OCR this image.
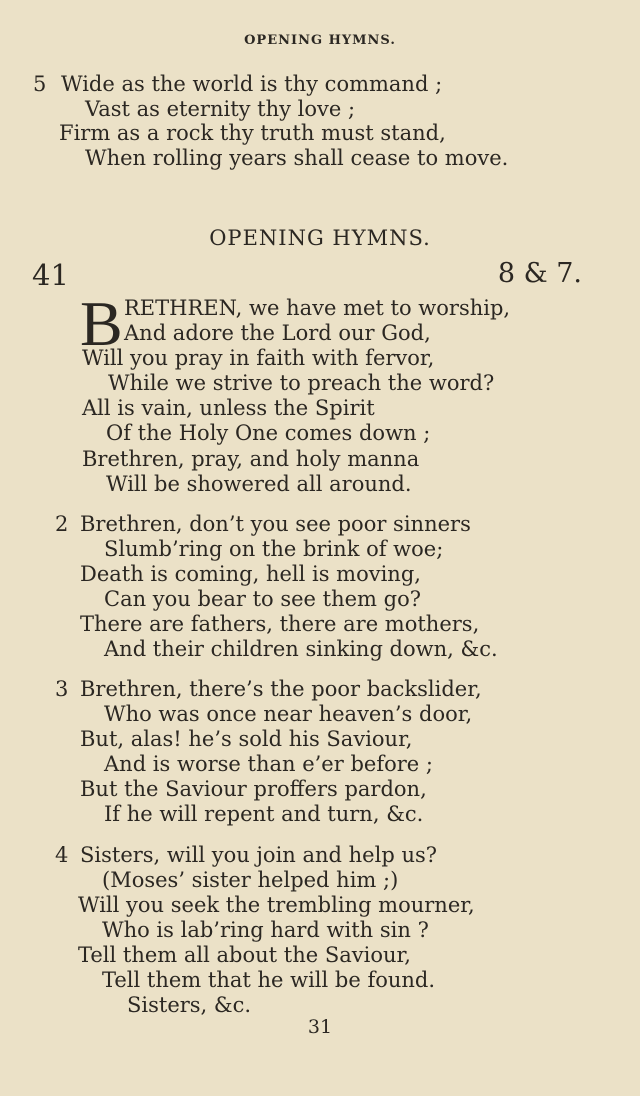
OPENING HYMNS.
5 Wide as the world is thy command ;
Vast as eternity thy love ;
Firm as a rock thy truth must stand,
When rolling years shall cease to move.
OPENING HYMNS.
41	8 & 7.
B RETHREN, we have met to worship,
And adore the Lord our God,
Will you pray in faith with fervor,
While we strive to preach the word?
All is vain, unless the Spirit
Of the Holy One comes down ;
Brethren, pray, and holy manna
Will be showered all around.
2 Brethren, don’t you see poor sinners
Slumb’ring on the brink of woe;
Death is coming, hell is moving,
Can you bear to see them go?
There are fathers, there are mothers,
And their children sinking down, &c.
3 Brethren, there’s the poor backslider,
Who was once near heaven’s door,
But, alas! he’s sold his Saviour,
And is worse than e’er before ;
But the Saviour proffers pardon,
If he will repent and turn, &c.
4 Sisters, will you join and help us?
(Moses’ sister helped him ;)
Will you seek the trembling mourner,
Who is lab’ring hard with sin ?
Tell them all about the Saviour,
Tell them that he will be found.
Sisters, &c.
31
